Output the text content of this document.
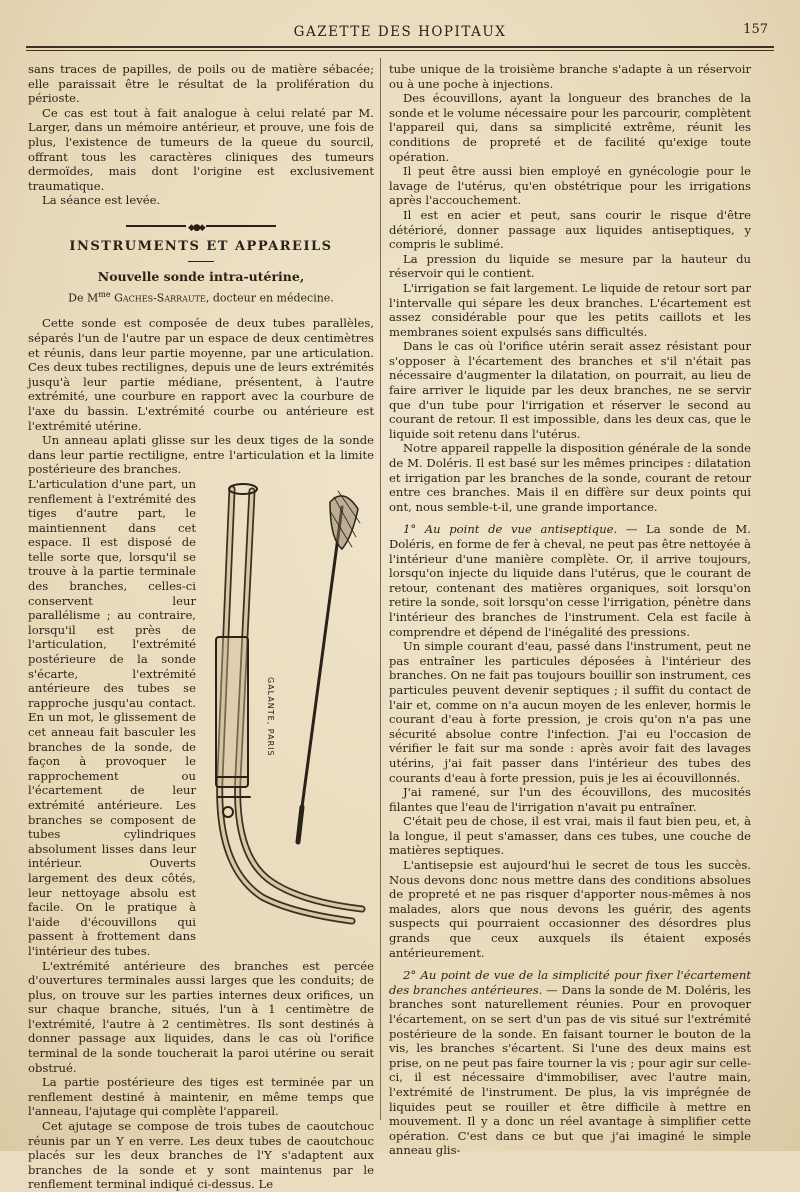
GAZETTE DES HOPITAUX	157

sans traces de papilles, de poils ou de matière sébacée; elle paraissait être le résultat de la prolifération du périoste.

Ce cas est tout à fait analogue à celui relaté par M. Larger, dans un mémoire antérieur, et prouve, une fois de plus, l'existence de tumeurs de la queue du sourcil, offrant tous les caractères cliniques des tumeurs dermoïdes, mais dont l'origine est exclusivement traumatique.

La séance est levée.

◆●◆
INSTRUMENTS ET APPAREILS
Nouvelle sonde intra-utérine,
De $M^{me}$ Gaches-Sarraute, docteur en médecine.

Cette sonde est composée de deux tubes parallèles, séparés l'un de l'autre par un espace de deux centimètres et réunis, dans leur partie moyenne, par une articulation. Ces deux tubes rectilignes, depuis une de leurs extrémités jusqu'à leur partie médiane, présentent, à l'autre extrémité, une courbure en rapport avec la courbure de l'axe du bassin. L'extrémité courbe ou antérieure est l'extrémité utérine.

Un anneau aplati glisse sur les deux tiges de la sonde dans leur partie rectiligne, entre l'articulation et la limite postérieure des branches.

GALANTE, PARIS

L'articulation d'une part, un renflement à l'extrémité des tiges d'autre part, le maintiennent dans cet espace. Il est disposé de telle sorte que, lorsqu'il se trouve à la partie terminale des branches, celles-ci conservent leur parallélisme ; au contraire, lorsqu'il est près de l'articulation, l'extrémité postérieure de la sonde s'écarte, l'extrémité antérieure des tubes se rapproche jusqu'au contact. En un mot, le glissement de cet anneau fait basculer les branches de la sonde, de façon à provoquer le rapprochement ou l'écartement de leur extrémité antérieure. Les branches se composent de tubes cylindriques absolument lisses dans leur intérieur. Ouverts largement des deux côtés, leur nettoyage absolu est facile. On le pratique à l'aide d'écouvillons qui passent à frottement dans l'intérieur des tubes.

L'extrémité antérieure des branches est percée d'ouvertures terminales aussi larges que les conduits; de plus, on trouve sur les parties internes deux orifices, un sur chaque branche, situés, l'un à 1 centimètre de l'extrémité, l'autre à 2 centimètres. Ils sont destinés à donner passage aux liquides, dans le cas où l'orifice terminal de la sonde toucherait la paroi utérine ou serait obstrué.

La partie postérieure des tiges est terminée par un renflement destiné à maintenir, en même temps que l'anneau, l'ajutage qui complète l'appareil.

Cet ajutage se compose de trois tubes de caoutchouc réunis par un Y en verre. Les deux tubes de caoutchouc placés sur les deux branches de l'Y s'adaptent aux branches de la sonde et y sont maintenus par le renflement terminal indiqué ci-dessus. Le

tube unique de la troisième branche s'adapte à un réservoir ou à une poche à injections.

Des écouvillons, ayant la longueur des branches de la sonde et le volume nécessaire pour les parcourir, complètent l'appareil qui, dans sa simplicité extrême, réunit les conditions de propreté et de facilité qu'exige toute opération.

Il peut être aussi bien employé en gynécologie pour le lavage de l'utérus, qu'en obstétrique pour les irrigations après l'accouchement.

Il est en acier et peut, sans courir le risque d'être détérioré, donner passage aux liquides antiseptiques, y compris le sublimé.

La pression du liquide se mesure par la hauteur du réservoir qui le contient.

L'irrigation se fait largement. Le liquide de retour sort par l'intervalle qui sépare les deux branches. L'écartement est assez considérable pour que les petits caillots et les membranes soient expulsés sans difficultés.

Dans le cas où l'orifice utérin serait assez résistant pour s'opposer à l'écartement des branches et s'il n'était pas nécessaire d'augmenter la dilatation, on pourrait, au lieu de faire arriver le liquide par les deux branches, ne se servir que d'un tube pour l'irrigation et réserver le second au courant de retour. Il est impossible, dans les deux cas, que le liquide soit retenu dans l'utérus.

Notre appareil rappelle la disposition générale de la sonde de M. Doléris. Il est basé sur les mêmes principes : dilatation et irrigation par les branches de la sonde, courant de retour entre ces branches. Mais il en diffère sur deux points qui ont, nous semble-t-il, une grande importance.

1° Au point de vue antiseptique. — La sonde de M. Doléris, en forme de fer à cheval, ne peut pas être nettoyée à l'intérieur d'une manière complète. Or, il arrive toujours, lorsqu'on injecte du liquide dans l'utérus, que le courant de retour, contenant des matières organiques, soit lorsqu'on retire la sonde, soit lorsqu'on cesse l'irrigation, pénètre dans l'intérieur des branches de l'instrument. Cela est facile à comprendre et dépend de l'inégalité des pressions.

Un simple courant d'eau, passé dans l'instrument, peut ne pas entraîner les particules déposées à l'intérieur des branches. On ne fait pas toujours bouillir son instrument, ces particules peuvent devenir septiques ; il suffit du contact de l'air et, comme on n'a aucun moyen de les enlever, hormis le courant d'eau à forte pression, je crois qu'on n'a pas une sécurité absolue contre l'infection. J'ai eu l'occasion de vérifier le fait sur ma sonde : après avoir fait des lavages utérins, j'ai fait passer dans l'intérieur des tubes des courants d'eau à forte pression, puis je les ai écouvillonnés.

J'ai ramené, sur l'un des écouvillons, des mucosités filantes que l'eau de l'irrigation n'avait pu entraîner.

C'était peu de chose, il est vrai, mais il faut bien peu, et, à la longue, il peut s'amasser, dans ces tubes, une couche de matières septiques.

L'antisepsie est aujourd'hui le secret de tous les succès. Nous devons donc nous mettre dans des conditions absolues de propreté et ne pas risquer d'apporter nous-mêmes à nos malades, alors que nous devons les guérir, des agents suspects qui pourraient occasionner des désordres plus grands que ceux auxquels ils étaient exposés antérieurement.

2° Au point de vue de la simplicité pour fixer l'écartement des branches antérieures. — Dans la sonde de M. Doléris, les branches sont naturellement réunies. Pour en provoquer l'écartement, on se sert d'un pas de vis situé sur l'extrémité postérieure de la sonde. En faisant tourner le bouton de la vis, les branches s'écartent. Si l'une des deux mains est prise, on ne peut pas faire tourner la vis ; pour agir sur celle-ci, il est nécessaire d'immobiliser, avec l'autre main, l'extrémité de l'instrument. De plus, la vis imprégnée de liquides peut se rouiller et être difficile à mettre en mouvement. Il y a donc un réel avantage à simplifier cette opération. C'est dans ce but que j'ai imaginé le simple anneau glis-
